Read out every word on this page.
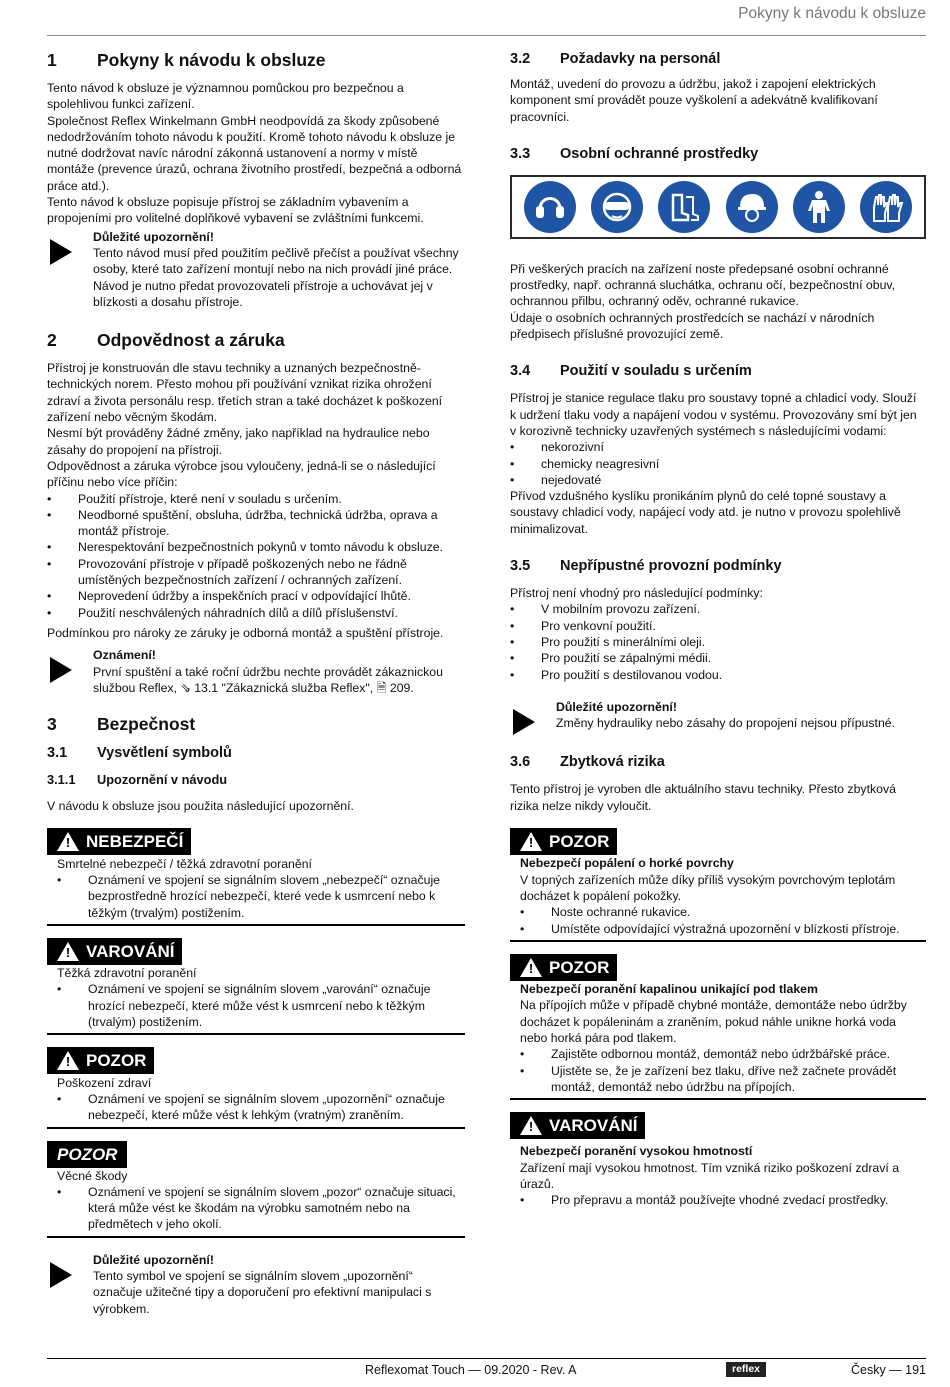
Pokyny k návodu k obsluze
1	Pokyny k návodu k obsluze

Tento návod k obsluze je významnou pomůckou pro bezpečnou a spolehlivou funkci zařízení.

Společnost Reflex Winkelmann GmbH neodpovídá za škody způsobené nedodržováním tohoto návodu k použití. Kromě tohoto návodu k obsluze je nutné dodržovat navíc národní zákonná ustanovení a normy v místě montáže (prevence úrazů, ochrana životního prostředí, bezpečná a odborná práce atd.).

Tento návod k obsluze popisuje přístroj se základním vybavením a propojeními pro volitelné doplňkové vybavení se zvláštními funkcemi.

Důležité upozornění!

Tento návod musí před použitím pečlivě přečíst a používat všechny osoby, které tato zařízení montují nebo na nich provádí jiné práce. Návod je nutno předat provozovateli přístroje a uchovávat jej v blízkosti a dosahu přístroje.

2	Odpovědnost a záruka

Přístroj je konstruován dle stavu techniky a uznaných bezpečnostně-technických norem. Přesto mohou při používání vznikat rizika ohrožení zdraví a života personálu resp. třetích stran a také docházet k poškození zařízení nebo věcným škodám.

Nesmí být prováděny žádné změny, jako například na hydraulice nebo zásahy do propojení na přístroji.

Odpovědnost a záruka výrobce jsou vyloučeny, jedná-li se o následující příčinu nebo více příčin:

• Použití přístroje, které není v souladu s určením.
• Neodborné spuštění, obsluha, údržba, technická údržba, oprava a montáž přístroje.
• Nerespektování bezpečnostních pokynů v tomto návodu k obsluze.
• Provozování přístroje v případě poškozených nebo ne řádně umístěných bezpečnostních zařízení / ochranných zařízení.
• Neprovedení údržby a inspekčních prací v odpovídající lhůtě.
• Použití neschválených náhradních dílů a dílů příslušenství.

Podmínkou pro nároky ze záruky je odborná montáž a spuštění přístroje.

Oznámení!

První spuštění a také roční údržbu nechte provádět zákaznickou službou Reflex, ⇘ 13.1 "Zákaznická služba Reflex", 🗎 209.

3	Bezpečnost
3.1	Vysvětlení symbolů
3.1.1	Upozornění v návodu

V návodu k obsluze jsou použita následující upozornění.

!
NEBEZPEČÍ

Smrtelné nebezpečí / těžká zdravotní poranění

• Oznámení ve spojení se signálním slovem „nebezpečí“ označuje bezprostředně hrozící nebezpečí, které vede k usmrcení nebo k těžkým (trvalým) postižením.
!
VAROVÁNÍ

Těžká zdravotní poranění

• Oznámení ve spojení se signálním slovem „varování“ označuje hrozící nebezpečí, které může vést k usmrcení nebo k těžkým (trvalým) postižením.
!
POZOR

Poškození zdraví

• Oznámení ve spojení se signálním slovem „upozornění“ označuje nebezpečí, které může vést k lehkým (vratným) zraněním.
POZOR

Věcné škody

• Oznámení ve spojení se signálním slovem „pozor“ označuje situaci, která může vést ke škodám na výrobku samotném nebo na předmětech v jeho okolí.

Důležité upozornění!

Tento symbol ve spojení se signálním slovem „upozornění“ označuje užitečné tipy a doporučení pro efektivní manipulaci s výrobkem.

3.2	Požadavky na personál

Montáž, uvedení do provozu a údržbu, jakož i zapojení elektrických komponent smí provádět pouze vyškolení a adekvátně kvalifikovaní pracovníci.

3.3	Osobní ochranné prostředky

Při veškerých pracích na zařízení noste předepsané osobní ochranné prostředky, např. ochranná sluchátka, ochranu očí, bezpečnostní obuv, ochrannou přilbu, ochranný oděv, ochranné rukavice.

Údaje o osobních ochranných prostředcích se nachází v národních předpisech příslušné provozující země.

3.4	Použití v souladu s určením

Přístroj je stanice regulace tlaku pro soustavy topné a chladicí vody. Slouží k udržení tlaku vody a napájení vodou v systému. Provozovány smí být jen v korozivně technicky uzavřených systémech s následujícími vodami:

• nekorozivní
• chemicky neagresivní
• nejedovaté

Přívod vzdušného kyslíku pronikáním plynů do celé topné soustavy a soustavy chladicí vody, napájecí vody atd. je nutno v provozu spolehlivě minimalizovat.

3.5	Nepřípustné provozní podmínky

Přístroj není vhodný pro následující podmínky:

• V mobilním provozu zařízení.
• Pro venkovní použití.
• Pro použití s minerálními oleji.
• Pro použití se zápalnými médii.
• Pro použití s destilovanou vodou.

Důležité upozornění!

Změny hydrauliky nebo zásahy do propojení nejsou přípustné.

3.6	Zbytková rizika

Tento přístroj je vyroben dle aktuálního stavu techniky. Přesto zbytková rizika nelze nikdy vyloučit.

!
POZOR

Nebezpečí popálení o horké povrchy

V topných zařízeních může díky příliš vysokým povrchovým teplotám docházet k popálení pokožky.

• Noste ochranné rukavice.
• Umístěte odpovídající výstražná upozornění v blízkosti přístroje.
!
POZOR

Nebezpečí poranění kapalinou unikající pod tlakem

Na přípojích může v případě chybné montáže, demontáže nebo údržby docházet k popáleninám a zraněním, pokud náhle unikne horká voda nebo horká pára pod tlakem.

• Zajistěte odbornou montáž, demontáž nebo údržbářské práce.
• Ujistěte se, že je zařízení bez tlaku, dříve než začnete provádět montáž, demontáž nebo údržbu na přípojích.
!
VAROVÁNÍ

Nebezpečí poranění vysokou hmotností

Zařízení mají vysokou hmotnost. Tím vzniká riziko poškození zdraví a úrazů.

• Pro přepravu a montáž používejte vhodné zvedací prostředky.
Reflexomat Touch — 09.2020 - Rev. A	reflex	Česky — 191
